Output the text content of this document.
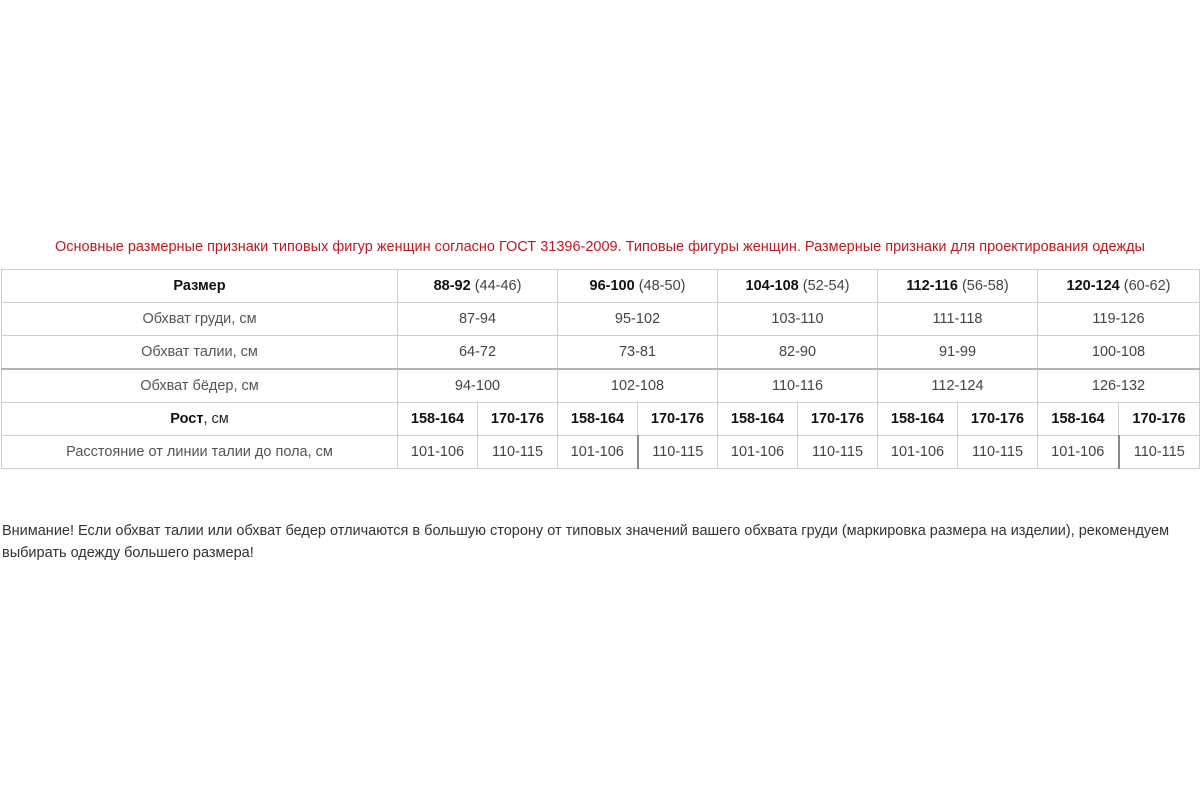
Основные размерные признаки типовых фигур женщин согласно ГОСТ 31396-2009. Типовые фигуры женщин. Размерные признаки для проектирования одежды
Размер	88-92 (44-46)		96-100 (48-50)		104-108 (52-54)		112-116 (56-58)		120-124 (60-62)	
Обхват груди, см	87-94		95-102		103-110		111-118		119-126	
Обхват талии, см	64-72		73-81		82-90		91-99		100-108	
Обхват бёдер, см	94-100		102-108		110-116		112-124		126-132	
Рост, см	158-164	170-176	158-164	170-176	158-164	170-176	158-164	170-176	158-164	170-176
Расстояние от линии талии до пола, см	101-106	110-115	101-106	110-115	101-106	110-115	101-106	110-115	101-106	110-115
Внимание! Если обхват талии или обхват бедер отличаются в большую сторону от типовых значений вашего обхвата груди (маркировка размера на изделии), рекомендуем выбирать одежду большего размера!
